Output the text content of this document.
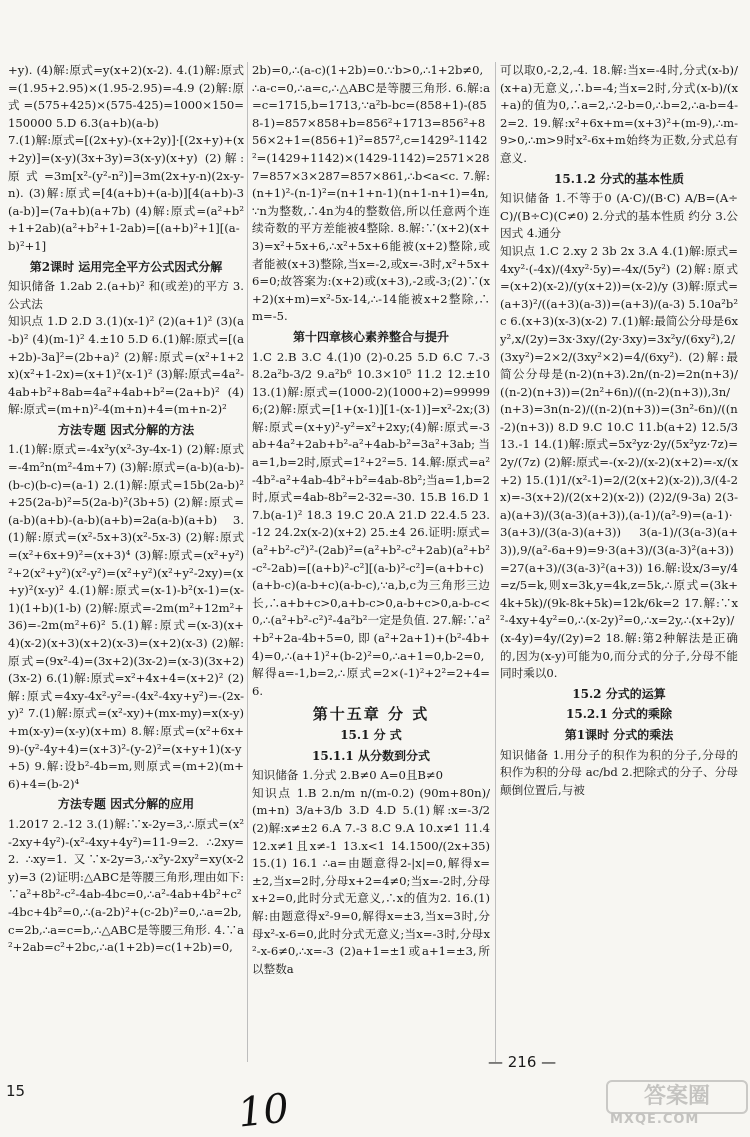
+y). (4)解:原式=y(x+2)(x-2). 4.(1)解:原式=(1.95+2.95)×(1.95-2.95)=-4.9 (2)解:原式=(575+425)×(575-425)=1000×150=150000 5.D 6.3(a+b)(a-b)
7.(1)解:原式=[(2x+y)-(x+2y)]·[(2x+y)+(x+2y)]=(x-y)(3x+3y)=3(x-y)(x+y) (2)解:原式=3m[x²-(y²-n²)]=3m(2x+y-n)(2x-y-n). (3)解:原式=[4(a+b)+(a-b)][4(a+b)-3(a-b)]=(7a+b)(a+7b) (4)解:原式=(a²+b²+1+2ab)(a²+b²+1-2ab)=[(a+b)²+1][(a-b)²+1]
第2课时 运用完全平方公式因式分解
知识储备 1.2ab 2.(a+b)² 和(或差)的平方 3.公式法
知识点 1.D 2.D 3.(1)(x-1)² (2)(a+1)² (3)(a-b)² (4)(m-1)² 4.±10 5.D 6.(1)解:原式=[(a+2b)-3a]²=(2b+a)² (2)解:原式=(x²+1+2x)(x²+1-2x)=(x+1)²(x-1)² (3)解:原式=4a²-4ab+b²+8ab=4a²+4ab+b²=(2a+b)² (4)解:原式=(m+n)²-4(m+n)+4=(m+n-2)²
方法专题 因式分解的方法
1.(1)解:原式=-4x²y(x²-3y-4x-1) (2)解:原式=-4m²n(m²-4m+7) (3)解:原式=(a-b)(a-b)-(b-c)(b-c)=(a-1) 2.(1)解:原式=15b(2a-b)²+25(2a-b)²=5(2a-b)²(3b+5) (2)解:原式=(a-b)(a+b)-(a-b)(a+b)=2a(a-b)(a+b) 3.(1)解:原式=(x²-5x+3)(x²-5x-3) (2)解:原式=(x²+6x+9)²=(x+3)⁴ (3)解:原式=(x²+y²)²+2(x²+y²)(x²-y²)=(x²+y²)(x²+y²-2xy)=(x+y)²(x-y)² 4.(1)解:原式=(x-1)-b²(x-1)=(x-1)(1+b)(1-b) (2)解:原式=-2m(m²+12m²+36)=-2m(m²+6)² 5.(1)解:原式=(x-3)(x+4)(x-2)(x+3)(x+2)(x-3)=(x+2)(x-3) (2)解:原式=(9x²-4)=(3x+2)(3x-2)=(x-3)(3x+2)(3x-2) 6.(1)解:原式=x²+4x+4=(x+2)² (2)解:原式=4xy-4x²-y²=-(4x²-4xy+y²)=-(2x-y)² 7.(1)解:原式=(x²-xy)+(mx-my)=x(x-y)+m(x-y)=(x-y)(x+m) 8.解:原式=(x²+6x+9)-(y²-4y+4)=(x+3)²-(y-2)²=(x+y+1)(x-y+5) 9.解:设b²-4b=m,则原式=(m+2)(m+6)+4=(b-2)⁴
方法专题 因式分解的应用
1.2017 2.-12 3.(1)解:∵x-2y=3,∴原式=(x²-2xy+4y²)-(x²-4xy+4y²)=11-9=2. ∴2xy=2. ∴xy=1. 又∵x-2y=3,∴x²y-2xy²=xy(x-2y)=3 (2)证明:△ABC是等腰三角形,理由如下:∵a²+8b²-c²-4ab-4bc=0,∴a²-4ab+4b²+c²-4bc+4b²=0,∴(a-2b)²+(c-2b)²=0,∴a=2b,c=2b,∴a=c=b,∴△ABC是等腰三角形. 4.∵a²+2ab=c²+2bc,∴a(1+2b)=c(1+2b)=0,
2b)=0,∴(a-c)(1+2b)=0.∵b>0,∴1+2b≠0,∴a-c=0,∴a=c,∴△ABC是等腰三角形. 6.解:a=c=1715,b=1713,∵a²b-bc=(858+1)-(858-1)=857×858+b=856²+1713=856²+856×2+1=(856+1)²=857²,c=1429²-1142²=(1429+1142)×(1429-1142)=2571×287=857×3×287=857×861,∴b<a<c. 7.解:(n+1)²-(n-1)²=(n+1+n-1)(n+1-n+1)=4n,∵n为整数,∴4n为4的整数倍,所以任意两个连续奇数的平方差能被4整除. 8.解:∵(x+2)(x+3)=x²+5x+6,∴x²+5x+6能被(x+2)整除,或者能被(x+3)整除,当x=-2,或x=-3时,x²+5x+6=0;故答案为:(x+2)或(x+3),-2或-3;(2)∵(x+2)(x+m)=x²-5x-14,∴-14能被x+2整除,∴m=-5.
第十四章核心素养整合与提升
1.C 2.B 3.C 4.(1)0 (2)-0.25 5.D 6.C 7.-3 8.2a²b-3/2 9.a²b⁶ 10.3×10⁵ 11.2 12.±10 13.(1)解:原式=(1000-2)(1000+2)=999996;(2)解:原式=[1+(x-1)][1-(x-1)]=x²-2x;(3)解:原式=(x+y)²-y²=x²+2xy;(4)解:原式=-3ab+4a²+2ab+b²-a²+4ab-b²=3a²+3ab;当a=1,b=2时,原式=1²+2²=5. 14.解:原式=a²-4b²-a²+4ab-4b²+b²=4ab-8b²;当a=1,b=2时,原式=4ab-8b²=2-32=-30. 15.B 16.D 17.b(a-1)² 18.3 19.C 20.A 21.D 22.4.5 23.-12 24.2x(x-2)(x+2) 25.±4 26.证明:原式=(a²+b²-c²)²-(2ab)²=(a²+b²-c²+2ab)(a²+b²-c²-2ab)=[(a+b)²-c²][(a-b)²-c²]=(a+b+c)(a+b-c)(a-b+c)(a-b-c),∵a,b,c为三角形三边长,∴a+b+c>0,a+b-c>0,a-b+c>0,a-b-c<0,∴(a²+b²-c²)²-4a²b²一定是负值. 27.解:∵a²+b²+2a-4b+5=0,即(a²+2a+1)+(b²-4b+4)=0,∴(a+1)²+(b-2)²=0,∴a+1=0,b-2=0,解得a=-1,b=2,∴原式=2×(-1)²+2²=2+4=6.
第十五章 分 式
15.1 分 式
15.1.1 从分数到分式
知识储备 1.分式 2.B≠0 A=0且B≠0
知识点 1.B 2.n/m n/(m-0.2) (90m+80n)/(m+n) 3/a+3/b 3.D 4.D 5.(1)解:x=-3/2 (2)解:x≠±2 6.A 7.-3 8.C 9.A 10.x≠1 11.4 12.x≠1且x≠-1 13.x<1 14.1500/(2x+35) 15.(1) 16.1 ∴a=由题意得2-|x|=0,解得x=±2,当x=2时,分母x+2=4≠0;当x=-2时,分母x+2=0,此时分式无意义,∴x的值为2. 16.(1)解:由题意得x²-9=0,解得x=±3,当x=3时,分母x²-x-6=0,此时分式无意义;当x=-3时,分母x²-x-6≠0,∴x=-3 (2)a+1=±1或a+1=±3,所以整数a
可以取0,-2,2,-4. 18.解:当x=-4时,分式(x-b)/(x+a)无意义,∴b=-4;当x=2时,分式(x-b)/(x+a)的值为0,∴a=2,∴2-b=0,∴b=2,∴a-b=4-2=2. 19.解:x²+6x+m=(x+3)²+(m-9),∴m-9>0,∴m>9时x²-6x+m始终为正数,分式总有意义.
15.1.2 分式的基本性质
知识储备 1.不等于0 (A·C)/(B·C) A/B=(A÷C)/(B÷C)(C≠0) 2.分式的基本性质 约分 3.公因式 4.通分
知识点 1.C 2.xy 2 3b 2x 3.A 4.(1)解:原式=4xy²·(-4x)/(4xy²·5y)=-4x/(5y²) (2)解:原式=(x+2)(x-2)/(y(x+2))=(x-2)/y (3)解:原式=(a+3)²/((a+3)(a-3))=(a+3)/(a-3) 5.10a²b²c 6.(x+3)(x-3)(x-2) 7.(1)解:最简公分母是6xy²,x/(2y)=3x·3xy/(2y·3xy)=3x²y/(6xy²),2/(3xy²)=2×2/(3xy²×2)=4/(6xy²). (2)解:最简公分母是(n-2)(n+3).2n/(n-2)=2n(n+3)/((n-2)(n+3))=(2n²+6n)/((n-2)(n+3)),3n/(n+3)=3n(n-2)/((n-2)(n+3))=(3n²-6n)/((n-2)(n+3)) 8.D 9.C 10.C 11.b(a+2) 12.5/3 13.-1 14.(1)解:原式=5x²yz·2y/(5x²yz·7z)=2y/(7z) (2)解:原式=-(x-2)/(x-2)(x+2)=-x/(x+2) 15.(1)1/(x²-1)=2/(2(x+2)(x-2)),3/(4-2x)=-3(x+2)/(2(x+2)(x-2)) (2)2/(9-3a) 2(3-a)(a+3)/(3(a-3)(a+3)),(a-1)/(a²-9)=(a-1)·3(a+3)/(3(a-3)(a+3)) 3(a-1)/(3(a-3)(a+3)),9/(a²-6a+9)=9·3(a+3)/(3(a-3)²(a+3))=27(a+3)/(3(a-3)²(a+3)) 16.解:设x/3=y/4=z/5=k,则x=3k,y=4k,z=5k,∴原式=(3k+4k+5k)/(9k-8k+5k)=12k/6k=2 17.解:∵x²-4xy+4y²=0,∴(x-2y)²=0,∴x=2y,∴(x+2y)/(x-4y)=4y/(2y)=2 18.解:第2种解法是正确的,因为(x-y)可能为0,而分式的分子,分母不能同时乘以0.
15.2 分式的运算
15.2.1 分式的乘除
第1课时 分式的乘法
知识储备 1.用分子的积作为积的分子,分母的积作为积的分母 ac/bd 2.把除式的分子、分母颠倒位置后,与被
15
— 216 —
10	答案圈
MXQE.COM
